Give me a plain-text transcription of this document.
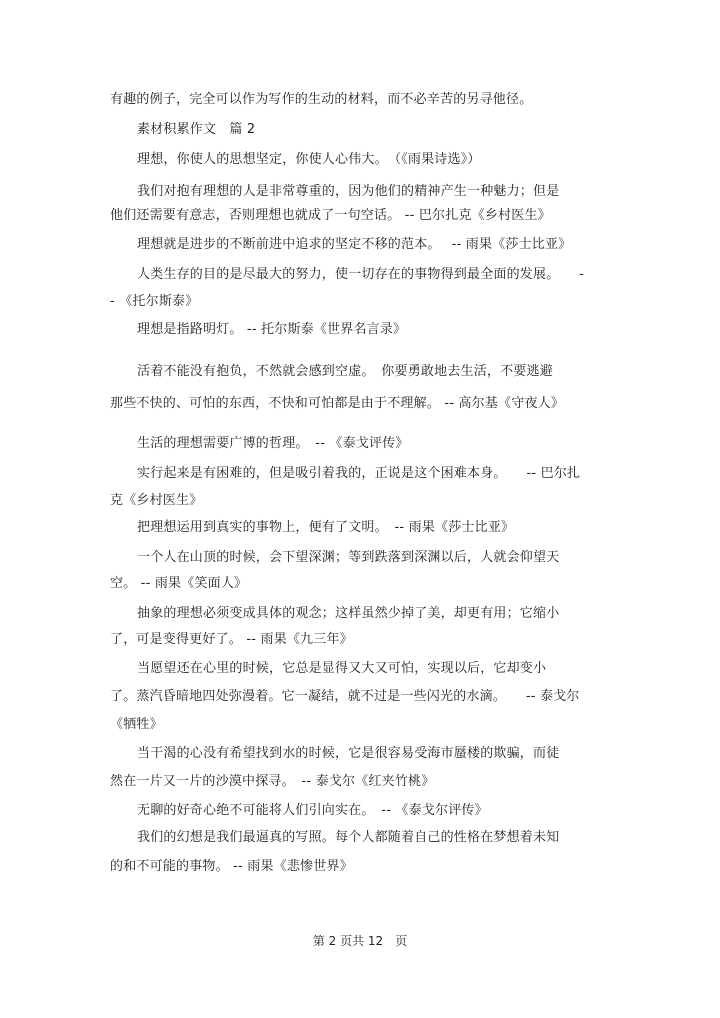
有趣的例子，完全可以作为写作的生动的材料，而不必辛苦的另寻他径。
素材积累作文　篇 2
理想，你使人的思想坚定，你使人心伟大。　（《雨果诗选》）
我们对抱有理想的人是非常尊重的，因为他们的精神产生一种魅力；但是
他们还需要有意志，否则理想也就成了一句空话。 -- 巴尔扎克《乡村医生》
理想就是进步的不断前进中追求的坚定不移的范本。　 -- 雨果《莎士比亚》
人类生存的目的是尽最大的努力，使一切存在的事物得到最全面的发展。　　-
- 《托尔斯泰》
理想是指路明灯。 -- 托尔斯泰《世界名言录》
活着不能没有抱负，不然就会感到空虚。　你要勇敢地去生活，不要逃避
那些不快的、可怕的东西，不快和可怕都是由于不理解。 -- 高尔基《守夜人》
生活的理想需要广博的哲理。　-- 《泰戈评传》
实行起来是有困难的，但是吸引着我的，正说是这个困难本身。　　-- 巴尔扎
克《乡村医生》
把理想运用到真实的事物上，便有了文明。　-- 雨果《莎士比亚》
一个人在山顶的时候，会下望深渊；等到跌落到深渊以后，人就会仰望天
空。 -- 雨果《笑面人》
抽象的理想必须变成具体的观念；这样虽然少掉了美，却更有用；它缩小
了，可是变得更好了。 -- 雨果《九三年》
当愿望还在心里的时候，它总是显得又大又可怕，实现以后，它却变小
了。蒸汽昏暗地四处弥漫着。它一凝结，就不过是一些闪光的水滴。　　-- 泰戈尔
《牺牲》
当干渴的心没有希望找到水的时候，它是很容易受海市蜃楼的欺骗，而徒
然在一片又一片的沙漠中探寻。　-- 泰戈尔《红夹竹桃》
无聊的好奇心绝不可能将人们引向实在。　-- 《泰戈尔评传》
我们的幻想是我们最逼真的写照。每个人都随着自己的性格在梦想着未知
的和不可能的事物。 -- 雨果《悲惨世界》
第 2 页共 12　页
